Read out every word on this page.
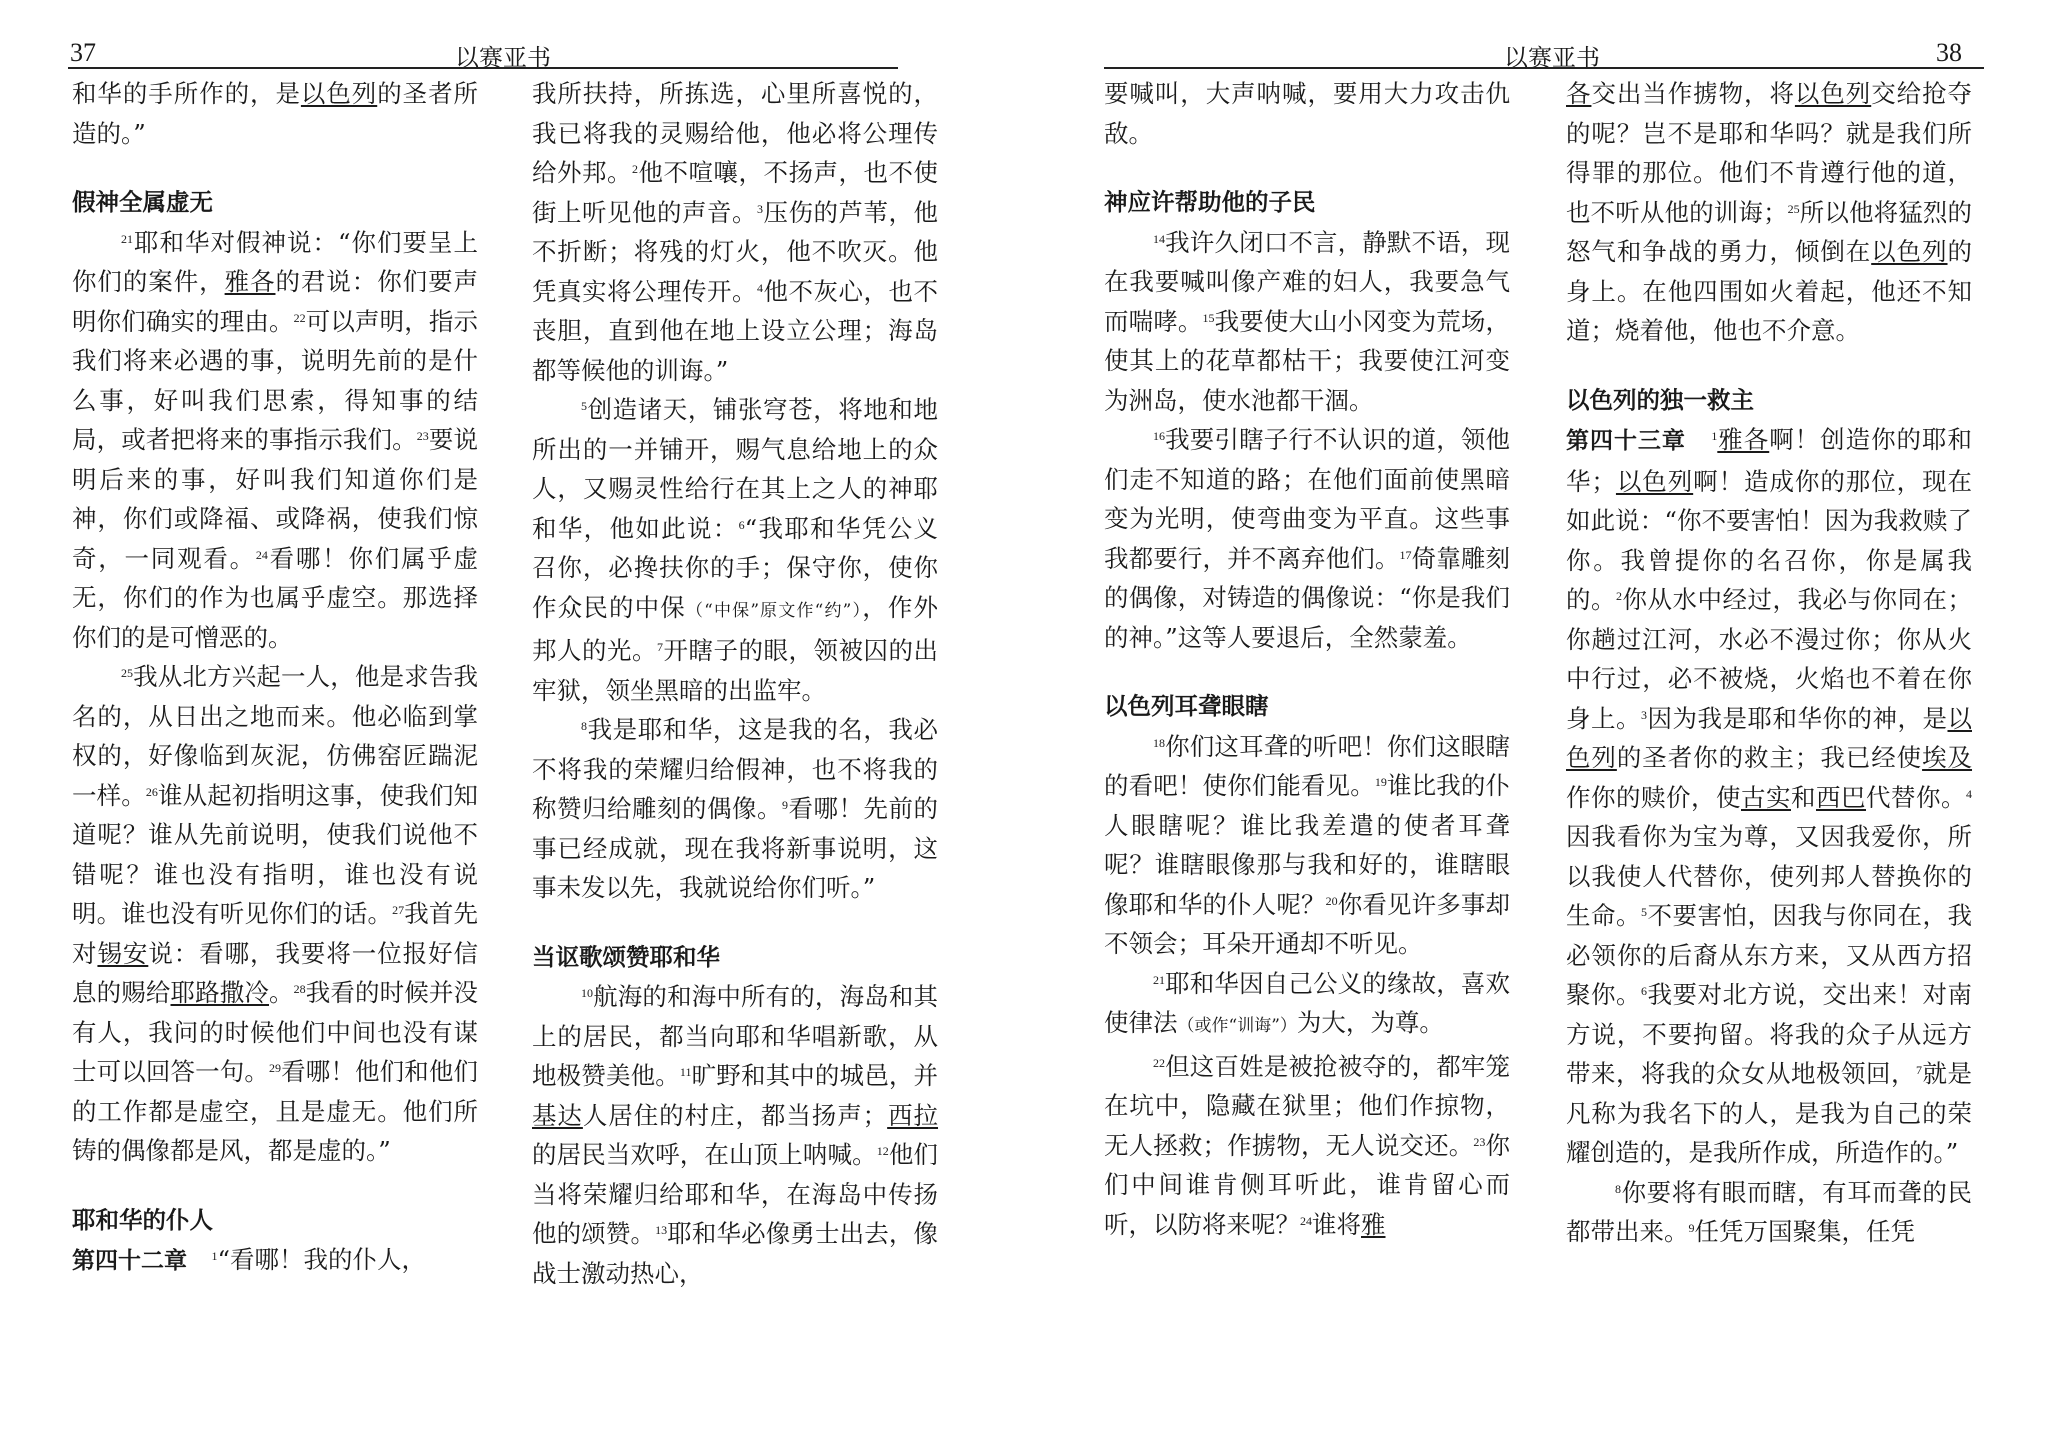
37	以赛亚书

和华的手所作的，是以色列的圣者所造的。”

假神全属虚无

$^{21}$耶和华对假神说：“你们要呈上你们的案件，雅各的君说：你们要声明你们确实的理由。$^{22}$可以声明，指示我们将来必遇的事，说明先前的是什么事，好叫我们思索，得知事的结局，或者把将来的事指示我们。$^{23}$要说明后来的事，好叫我们知道你们是神，你们或降福、或降祸，使我们惊奇，一同观看。$^{24}$看哪！你们属乎虚无，你们的作为也属乎虚空。那选择你们的是可憎恶的。

$^{25}$我从北方兴起一人，他是求告我名的，从日出之地而来。他必临到掌权的，好像临到灰泥，仿佛窑匠踹泥一样。$^{26}$谁从起初指明这事，使我们知道呢？谁从先前说明，使我们说他不错呢？谁也没有指明，谁也没有说明。谁也没有听见你们的话。$^{27}$我首先对锡安说：看哪，我要将一位报好信息的赐给耶路撒冷。$^{28}$我看的时候并没有人，我问的时候他们中间也没有谋士可以回答一句。$^{29}$看哪！他们和他们的工作都是虚空，且是虚无。他们所铸的偶像都是风，都是虚的。”

耶和华的仆人

第四十二章　 $^1$“看哪！我的仆人，

我所扶持，所拣选，心里所喜悦的，我已将我的灵赐给他，他必将公理传给外邦。$^2$他不喧嚷，不扬声，也不使街上听见他的声音。$^3$压伤的芦苇，他不折断；将残的灯火，他不吹灭。他凭真实将公理传开。$^4$他不灰心，也不丧胆，直到他在地上设立公理；海岛都等候他的训诲。”

$^5$创造诸天，铺张穹苍，将地和地所出的一并铺开，赐气息给地上的众人，又赐灵性给行在其上之人的神耶和华，他如此说：$^6$“我耶和华凭公义召你，必搀扶你的手；保守你，使你作众民的中保（“中保”原文作“约”），作外邦人的光。$^7$开瞎子的眼，领被囚的出牢狱，领坐黑暗的出监牢。

$^8$我是耶和华，这是我的名，我必不将我的荣耀归给假神，也不将我的称赞归给雕刻的偶像。$^9$看哪！先前的事已经成就，现在我将新事说明，这事未发以先，我就说给你们听。”

当讴歌颂赞耶和华

$^{10}$航海的和海中所有的，海岛和其上的居民，都当向耶和华唱新歌，从地极赞美他。$^{11}$旷野和其中的城邑，并基达人居住的村庄，都当扬声；西拉的居民当欢呼，在山顶上呐喊。$^{12}$他们当将荣耀归给耶和华，在海岛中传扬他的颂赞。$^{13}$耶和华必像勇士出去，像战士激动热心，

以赛亚书	38

要喊叫，大声呐喊，要用大力攻击仇敌。

神应许帮助他的子民

$^{14}$我许久闭口不言，静默不语，现在我要喊叫像产难的妇人，我要急气而喘哮。$^{15}$我要使大山小冈变为荒场，使其上的花草都枯干；我要使江河变为洲岛，使水池都干涸。

$^{16}$我要引瞎子行不认识的道，领他们走不知道的路；在他们面前使黑暗变为光明，使弯曲变为平直。这些事我都要行，并不离弃他们。$^{17}$倚靠雕刻的偶像，对铸造的偶像说：“你是我们的神。”这等人要退后，全然蒙羞。

以色列耳聋眼瞎

$^{18}$你们这耳聋的听吧！你们这眼瞎的看吧！使你们能看见。$^{19}$谁比我的仆人眼瞎呢？谁比我差遣的使者耳聋呢？谁瞎眼像那与我和好的，谁瞎眼像耶和华的仆人呢？$^{20}$你看见许多事却不领会；耳朵开通却不听见。

$^{21}$耶和华因自己公义的缘故，喜欢使律法（或作“训诲”）为大，为尊。

$^{22}$但这百姓是被抢被夺的，都牢笼在坑中，隐藏在狱里；他们作掠物，无人拯救；作掳物，无人说交还。$^{23}$你们中间谁肯侧耳听此，谁肯留心而听，以防将来呢？$^{24}$谁将雅

各交出当作掳物，将以色列交给抢夺的呢？岂不是耶和华吗？就是我们所得罪的那位。他们不肯遵行他的道，也不听从他的训诲；$^{25}$所以他将猛烈的怒气和争战的勇力，倾倒在以色列的身上。在他四围如火着起，他还不知道；烧着他，他也不介意。

以色列的独一救主

第四十三章　 $^1$雅各啊！创造你的耶和华；以色列啊！造成你的那位，现在如此说：“你不要害怕！因为我救赎了你。我曾提你的名召你，你是属我的。$^2$你从水中经过，我必与你同在；你趟过江河，水必不漫过你；你从火中行过，必不被烧，火焰也不着在你身上。$^3$因为我是耶和华你的神，是以色列的圣者你的救主；我已经使埃及作你的赎价，使古实和西巴代替你。$^4$因我看你为宝为尊，又因我爱你，所以我使人代替你，使列邦人替换你的生命。$^5$不要害怕，因我与你同在，我必领你的后裔从东方来，又从西方招聚你。$^6$我要对北方说，交出来！对南方说，不要拘留。将我的众子从远方带来，将我的众女从地极领回，$^7$就是凡称为我名下的人，是我为自己的荣耀创造的，是我所作成，所造作的。”

$^8$你要将有眼而瞎，有耳而聋的民都带出来。$^9$任凭万国聚集，任凭
